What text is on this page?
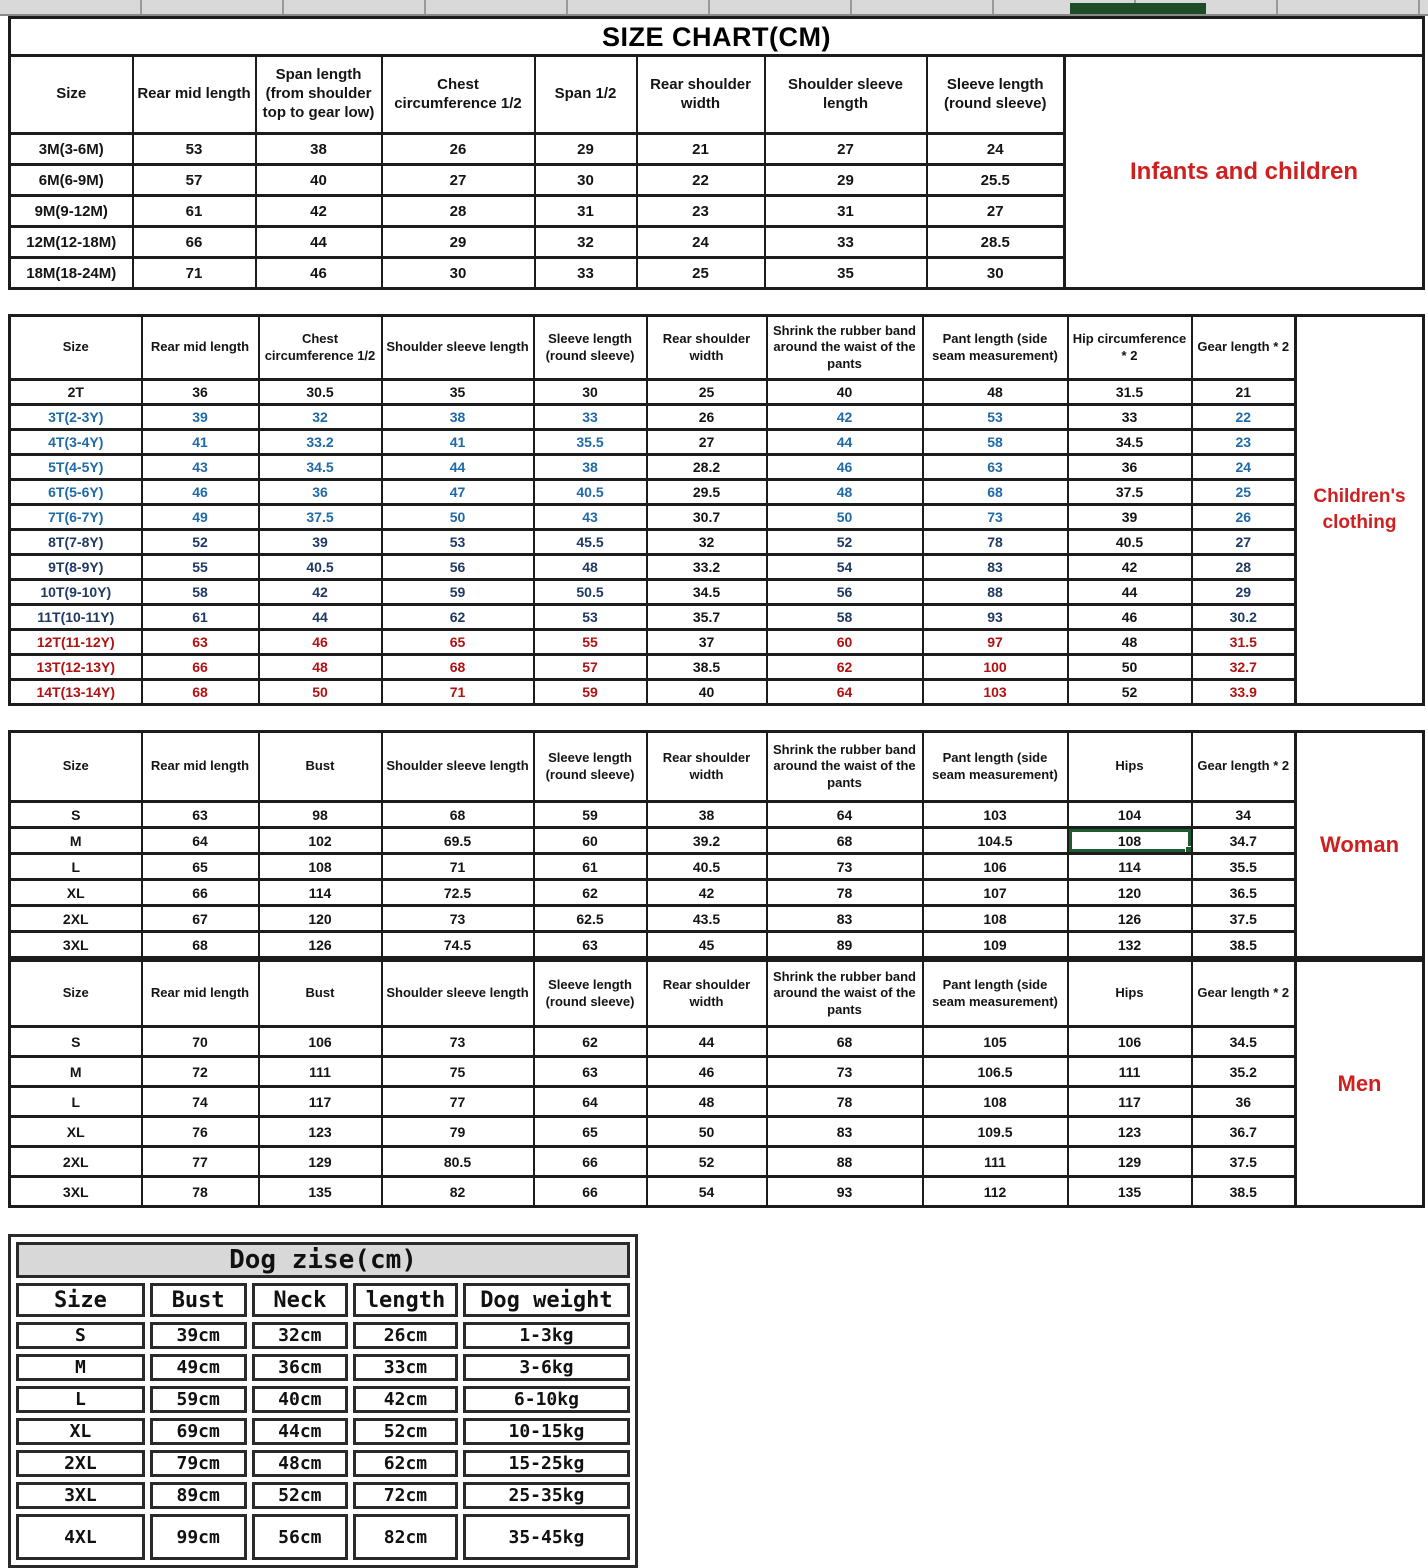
SIZE CHART(CM)
Size	Rear mid length	Span length (from shoulder top to gear low)	Chest circumference 1/2	Span 1/2	Rear shoulder width	Shoulder sleeve length	Sleeve length (round sleeve)
3M(3-6M)	53	38	26	29	21	27	24
6M(6-9M)	57	40	27	30	22	29	25.5
9M(9-12M)	61	42	28	31	23	31	27
12M(12-18M)	66	44	29	32	24	33	28.5
18M(18-24M)	71	46	30	33	25	35	30
Infants and children
Size	Rear mid length	Chest circumference 1/2	Shoulder sleeve length	Sleeve length (round sleeve)	Rear shoulder width	Shrink the rubber band around the waist of the pants	Pant length (side seam measurement)	Hip circumference * 2	Gear length * 2
2T	36	30.5	35	30	25	40	48	31.5	21
3T(2-3Y)	39	32	38	33	26	42	53	33	22
4T(3-4Y)	41	33.2	41	35.5	27	44	58	34.5	23
5T(4-5Y)	43	34.5	44	38	28.2	46	63	36	24
6T(5-6Y)	46	36	47	40.5	29.5	48	68	37.5	25
7T(6-7Y)	49	37.5	50	43	30.7	50	73	39	26
8T(7-8Y)	52	39	53	45.5	32	52	78	40.5	27
9T(8-9Y)	55	40.5	56	48	33.2	54	83	42	28
10T(9-10Y)	58	42	59	50.5	34.5	56	88	44	29
11T(10-11Y)	61	44	62	53	35.7	58	93	46	30.2
12T(11-12Y)	63	46	65	55	37	60	97	48	31.5
13T(12-13Y)	66	48	68	57	38.5	62	100	50	32.7
14T(13-14Y)	68	50	71	59	40	64	103	52	33.9
Children's clothing
Size	Rear mid length	Bust	Shoulder sleeve length	Sleeve length (round sleeve)	Rear shoulder width	Shrink the rubber band around the waist of the pants	Pant length (side seam measurement)	Hips	Gear length * 2
S	63	98	68	59	38	64	103	104	34
M	64	102	69.5	60	39.2	68	104.5	108	34.7
L	65	108	71	61	40.5	73	106	114	35.5
XL	66	114	72.5	62	42	78	107	120	36.5
2XL	67	120	73	62.5	43.5	83	108	126	37.5
3XL	68	126	74.5	63	45	89	109	132	38.5
Woman
Size	Rear mid length	Bust	Shoulder sleeve length	Sleeve length (round sleeve)	Rear shoulder width	Shrink the rubber band around the waist of the pants	Pant length (side seam measurement)	Hips	Gear length * 2
S	70	106	73	62	44	68	105	106	34.5
M	72	111	75	63	46	73	106.5	111	35.2
L	74	117	77	64	48	78	108	117	36
XL	76	123	79	65	50	83	109.5	123	36.7
2XL	77	129	80.5	66	52	88	111	129	37.5
3XL	78	135	82	66	54	93	112	135	38.5
Men
Dog zise(cm)				
Size	Bust	Neck	length	Dog weight
S	39cm	32cm	26cm	1-3kg
M	49cm	36cm	33cm	3-6kg
L	59cm	40cm	42cm	6-10kg
XL	69cm	44cm	52cm	10-15kg
2XL	79cm	48cm	62cm	15-25kg
3XL	89cm	52cm	72cm	25-35kg
4XL	99cm	56cm	82cm	35-45kg
